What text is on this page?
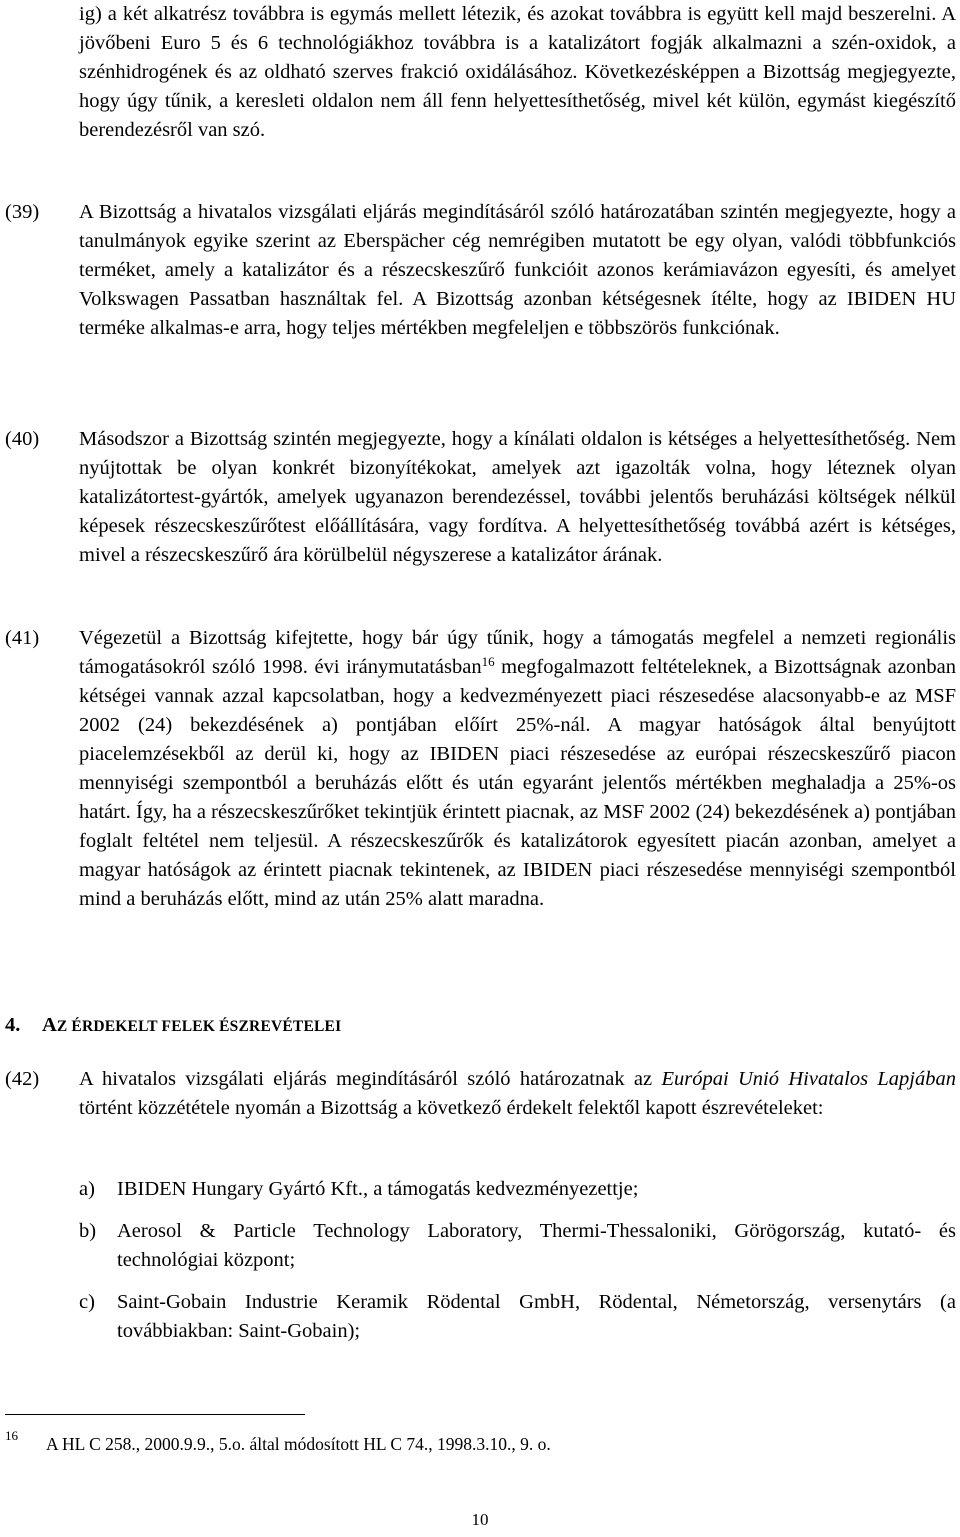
ig) a két alkatrész továbbra is egymás mellett létezik, és azokat továbbra is együtt kell majd beszerelni. A jövőbeni Euro 5 és 6 technológiákhoz továbbra is a katalizátort fogják alkalmazni a szén-oxidok, a szénhidrogének és az oldható szerves frakció oxidálásához. Következésképpen a Bizottság megjegyezte, hogy úgy tűnik, a keresleti oldalon nem áll fenn helyettesíthetőség, mivel két külön, egymást kiegészítő berendezésről van szó.
(39)	A Bizottság a hivatalos vizsgálati eljárás megindításáról szóló határozatában szintén megjegyezte, hogy a tanulmányok egyike szerint az Eberspächer cég nemrégiben mutatott be egy olyan, valódi többfunkciós terméket, amely a katalizátor és a részecskeszűrő funkcióit azonos kerámiavázon egyesíti, és amelyet Volkswagen Passatban használtak fel. A Bizottság azonban kétségesnek ítélte, hogy az IBIDEN HU terméke alkalmas-e arra, hogy teljes mértékben megfeleljen e többszörös funkciónak.
(40)	Másodszor a Bizottság szintén megjegyezte, hogy a kínálati oldalon is kétséges a helyettesíthetőség. Nem nyújtottak be olyan konkrét bizonyítékokat, amelyek azt igazolták volna, hogy léteznek olyan katalizátortest-gyártók, amelyek ugyanazon berendezéssel, további jelentős beruházási költségek nélkül képesek részecskeszűrőtest előállítására, vagy fordítva. A helyettesíthetőség továbbá azért is kétséges, mivel a részecskeszűrő ára körülbelül négyszerese a katalizátor árának.
(41)	Végezetül a Bizottság kifejtette, hogy bár úgy tűnik, hogy a támogatás megfelel a nemzeti regionális támogatásokról szóló 1998. évi iránymutatásban$^{16}$ megfogalmazott feltételeknek, a Bizottságnak azonban kétségei vannak azzal kapcsolatban, hogy a kedvezményezett piaci részesedése alacsonyabb-e az MSF 2002 (24) bekezdésének a) pontjában előírt 25%-nál. A magyar hatóságok által benyújtott piacelemzésekből az derül ki, hogy az IBIDEN piaci részesedése az európai részecskeszűrő piacon mennyiségi szempontból a beruházás előtt és után egyaránt jelentős mértékben meghaladja a 25%-os határt. Így, ha a részecskeszűrőket tekintjük érintett piacnak, az MSF 2002 (24) bekezdésének a) pontjában foglalt feltétel nem teljesül. A részecskeszűrők és katalizátorok egyesített piacán azonban, amelyet a magyar hatóságok az érintett piacnak tekintenek, az IBIDEN piaci részesedése mennyiségi szempontból mind a beruházás előtt, mind az után 25% alatt maradna.
4. AZ ÉRDEKELT FELEK ÉSZREVÉTELEI
(42)	A hivatalos vizsgálati eljárás megindításáról szóló határozatnak az Európai Unió Hivatalos Lapjában történt közzététele nyomán a Bizottság a következő érdekelt felektől kapott észrevételeket:
a) IBIDEN Hungary Gyártó Kft., a támogatás kedvezményezettje;
b) Aerosol & Particle Technology Laboratory, Thermi-Thessaloniki, Görögország, kutató- és technológiai központ;
c) Saint-Gobain Industrie Keramik Rödental GmbH, Rödental, Németország, versenytárs (a továbbiakban: Saint-Gobain);
16 A HL C 258., 2000.9.9., 5.o. által módosított HL C 74., 1998.3.10., 9. o.
10
